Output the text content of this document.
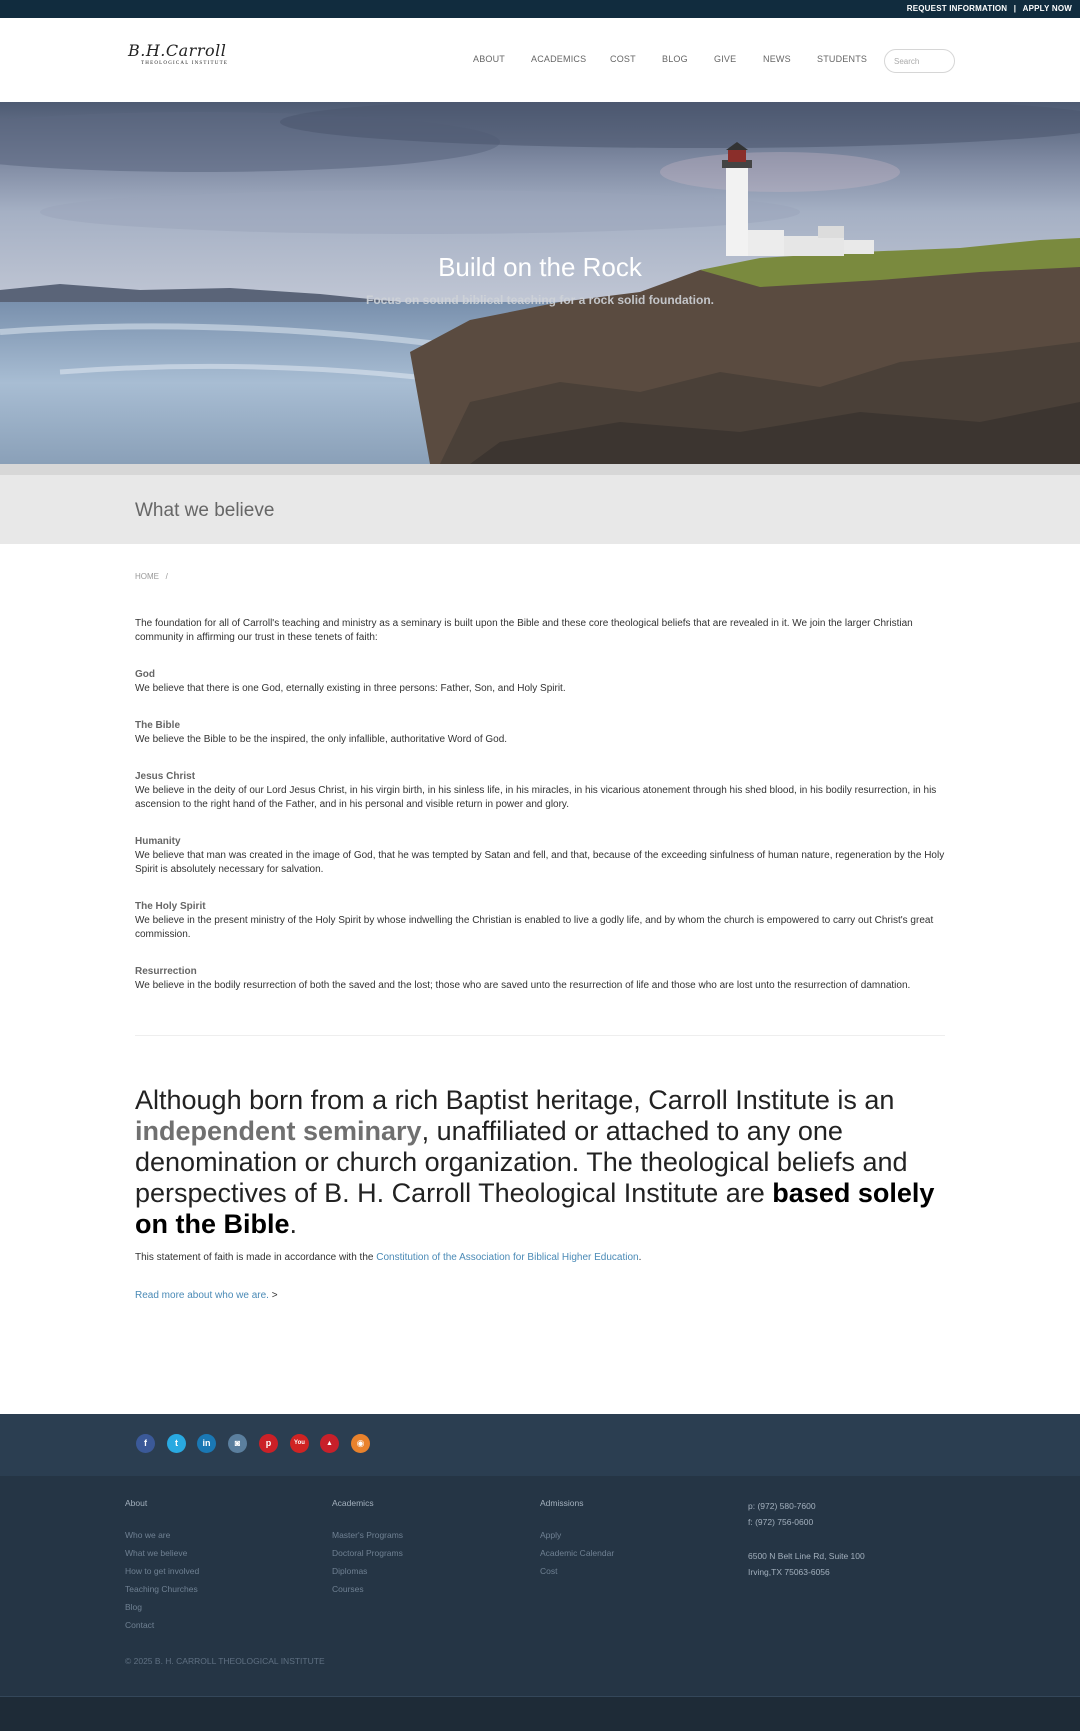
REQUEST INFORMATION | APPLY NOW
B.H.Carroll
THEOLOGICAL INSTITUTE	ABOUT	ACADEMICS	COST	BLOG	GIVE	NEWS	STUDENTS	Search
Build on the Rock
Focus on sound biblical teaching for a rock solid foundation.
What we believe
HOME /

The foundation for all of Carroll's teaching and ministry as a seminary is built upon the Bible and these core theological beliefs that are revealed in it. We join the larger Christian community in affirming our trust in these tenets of faith:

God
We believe that there is one God, eternally existing in three persons: Father, Son, and Holy Spirit.
The Bible
We believe the Bible to be the inspired, the only infallible, authoritative Word of God.
Jesus Christ
We believe in the deity of our Lord Jesus Christ, in his virgin birth, in his sinless life, in his miracles, in his vicarious atonement through his shed blood, in his bodily resurrection, in his ascension to the right hand of the Father, and in his personal and visible return in power and glory.
Humanity
We believe that man was created in the image of God, that he was tempted by Satan and fell, and that, because of the exceeding sinfulness of human nature, regeneration by the Holy Spirit is absolutely necessary for salvation.
The Holy Spirit
We believe in the present ministry of the Holy Spirit by whose indwelling the Christian is enabled to live a godly life, and by whom the church is empowered to carry out Christ's great commission.
Resurrection
We believe in the bodily resurrection of both the saved and the lost; those who are saved unto the resurrection of life and those who are lost unto the resurrection of damnation.
Although born from a rich Baptist heritage, Carroll Institute is an independent seminary, unaffiliated or attached to any one denomination or church organization. The theological beliefs and perspectives of B. H. Carroll Theological Institute are based solely on the Bible.
This statement of faith is made in accordance with the Constitution of the Association for Biblical Higher Education.
Read more about who we are. >
f	t	in	◙	p	You	▲	◉
About
Who we are
What we believe
How to get involved
Teaching Churches
Blog
Contact
Academics
Master's Programs
Doctoral Programs
Diplomas
Courses
Admissions
Apply
Academic Calendar
Cost
p: (972) 580-7600
f: (972) 756-0600
6500 N Belt Line Rd, Suite 100
Irving,TX 75063-6056
© 2025 B. H. CARROLL THEOLOGICAL INSTITUTE
